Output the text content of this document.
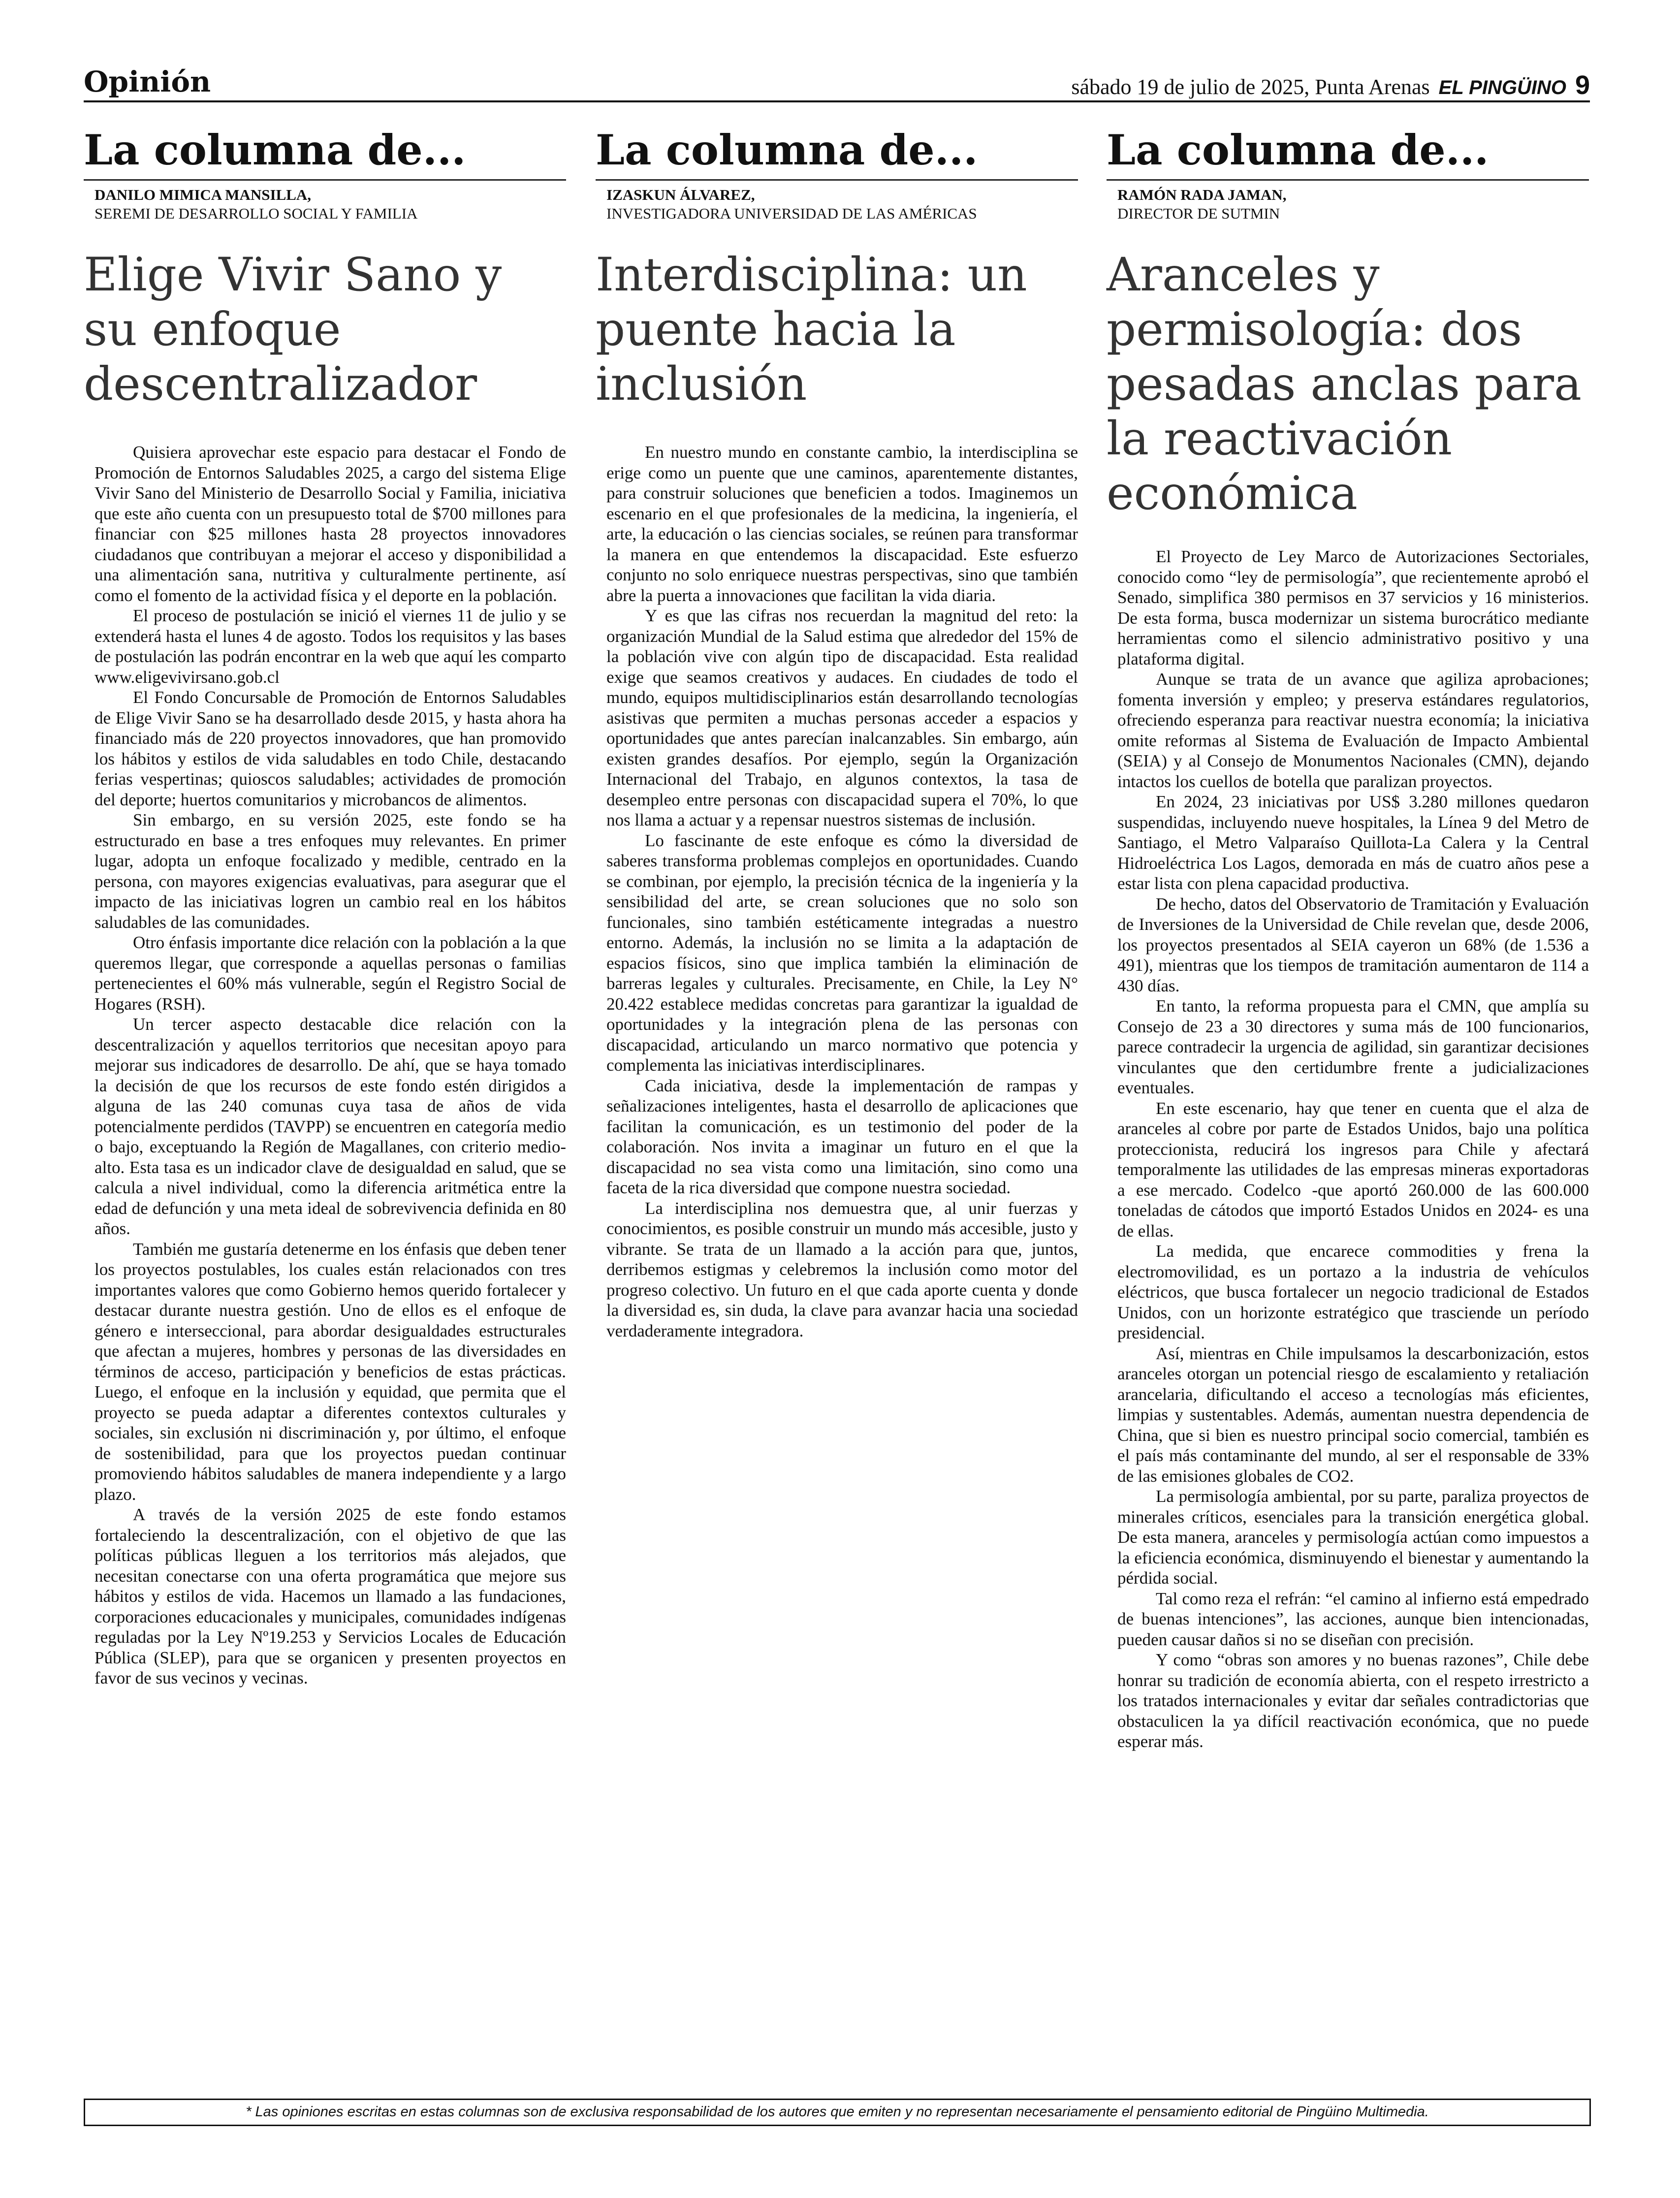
Opinión	sábado 19 de julio de 2025, Punta Arenas EL PINGÜINO 9
La columna de...
DANILO MIMICA MANSILLA,
SEREMI DE DESARROLLO SOCIAL Y FAMILIA
Elige Vivir Sano y su enfoque descentralizador

Quisiera aprovechar este espacio para destacar el Fondo de Promoción de Entornos Saludables 2025, a cargo del sistema Elige Vivir Sano del Ministerio de Desarrollo Social y Familia, iniciativa que este año cuenta con un presupuesto total de $700 millones para financiar con $25 millones hasta 28 proyectos innovadores ciudadanos que contribuyan a mejorar el acceso y disponibilidad a una alimentación sana, nutritiva y culturalmente pertinente, así como el fomento de la actividad física y el deporte en la población.

El proceso de postulación se inició el viernes 11 de julio y se extenderá hasta el lunes 4 de agosto. Todos los requisitos y las bases de postulación las podrán encontrar en la web que aquí les comparto www.eligevivirsano.gob.cl

El Fondo Concursable de Promoción de Entornos Saludables de Elige Vivir Sano se ha desarrollado desde 2015, y hasta ahora ha financiado más de 220 proyectos innovadores, que han promovido los hábitos y estilos de vida saludables en todo Chile, destacando ferias vespertinas; quioscos saludables; actividades de promoción del deporte; huertos comunitarios y microbancos de alimentos.

Sin embargo, en su versión 2025, este fondo se ha estructurado en base a tres enfoques muy relevantes. En primer lugar, adopta un enfoque focalizado y medible, centrado en la persona, con mayores exigencias evaluativas, para asegurar que el impacto de las iniciativas logren un cambio real en los hábitos saludables de las comunidades.

Otro énfasis importante dice relación con la población a la que queremos llegar, que corresponde a aquellas personas o familias pertenecientes el 60% más vulnerable, según el Registro Social de Hogares (RSH).

Un tercer aspecto destacable dice relación con la descentralización y aquellos territorios que necesitan apoyo para mejorar sus indicadores de desarrollo. De ahí, que se haya tomado la decisión de que los recursos de este fondo estén dirigidos a alguna de las 240 comunas cuya tasa de años de vida potencialmente perdidos (TAVPP) se encuentren en categoría medio o bajo, exceptuando la Región de Magallanes, con criterio medio-alto. Esta tasa es un indicador clave de desigualdad en salud, que se calcula a nivel individual, como la diferencia aritmética entre la edad de defunción y una meta ideal de sobrevivencia definida en 80 años.

También me gustaría detenerme en los énfasis que deben tener los proyectos postulables, los cuales están relacionados con tres importantes valores que como Gobierno hemos querido fortalecer y destacar durante nuestra gestión. Uno de ellos es el enfoque de género e interseccional, para abordar desigualdades estructurales que afectan a mujeres, hombres y personas de las diversidades en términos de acceso, participación y beneficios de estas prácticas. Luego, el enfoque en la inclusión y equidad, que permita que el proyecto se pueda adaptar a diferentes contextos culturales y sociales, sin exclusión ni discriminación y, por último, el enfoque de sostenibilidad, para que los proyectos puedan continuar promoviendo hábitos saludables de manera independiente y a largo plazo.

A través de la versión 2025 de este fondo estamos fortaleciendo la descentralización, con el objetivo de que las políticas públicas lleguen a los territorios más alejados, que necesitan conectarse con una oferta programática que mejore sus hábitos y estilos de vida. Hacemos un llamado a las fundaciones, corporaciones educacionales y municipales, comunidades indígenas reguladas por la Ley Nº19.253 y Servicios Locales de Educación Pública (SLEP), para que se organicen y presenten proyectos en favor de sus vecinos y vecinas.

La columna de...
IZASKUN ÁLVAREZ,
INVESTIGADORA UNIVERSIDAD DE LAS AMÉRICAS
Interdisciplina: un puente hacia la inclusión

En nuestro mundo en constante cambio, la interdisciplina se erige como un puente que une caminos, aparentemente distantes, para construir soluciones que beneficien a todos. Imaginemos un escenario en el que profesionales de la medicina, la ingeniería, el arte, la educación o las ciencias sociales, se reúnen para transformar la manera en que entendemos la discapacidad. Este esfuerzo conjunto no solo enriquece nuestras perspectivas, sino que también abre la puerta a innovaciones que facilitan la vida diaria.

Y es que las cifras nos recuerdan la magnitud del reto: la organización Mundial de la Salud estima que alrededor del 15% de la población vive con algún tipo de discapacidad. Esta realidad exige que seamos creativos y audaces. En ciudades de todo el mundo, equipos multidisciplinarios están desarrollando tecnologías asistivas que permiten a muchas personas acceder a espacios y oportunidades que antes parecían inalcanzables. Sin embargo, aún existen grandes desafíos. Por ejemplo, según la Organización Internacional del Trabajo, en algunos contextos, la tasa de desempleo entre personas con discapacidad supera el 70%, lo que nos llama a actuar y a repensar nuestros sistemas de inclusión.

Lo fascinante de este enfoque es cómo la diversidad de saberes transforma problemas complejos en oportunidades. Cuando se combinan, por ejemplo, la precisión técnica de la ingeniería y la sensibilidad del arte, se crean soluciones que no solo son funcionales, sino también estéticamente integradas a nuestro entorno. Además, la inclusión no se limita a la adaptación de espacios físicos, sino que implica también la eliminación de barreras legales y culturales. Precisamente, en Chile, la Ley N° 20.422 establece medidas concretas para garantizar la igualdad de oportunidades y la integración plena de las personas con discapacidad, articulando un marco normativo que potencia y complementa las iniciativas interdisciplinares.

Cada iniciativa, desde la implementación de rampas y señalizaciones inteligentes, hasta el desarrollo de aplicaciones que facilitan la comunicación, es un testimonio del poder de la colaboración. Nos invita a imaginar un futuro en el que la discapacidad no sea vista como una limitación, sino como una faceta de la rica diversidad que compone nuestra sociedad.

La interdisciplina nos demuestra que, al unir fuerzas y conocimientos, es posible construir un mundo más accesible, justo y vibrante. Se trata de un llamado a la acción para que, juntos, derribemos estigmas y celebremos la inclusión como motor del progreso colectivo. Un futuro en el que cada aporte cuenta y donde la diversidad es, sin duda, la clave para avanzar hacia una sociedad verdaderamente integradora.

La columna de...
RAMÓN RADA JAMAN,
DIRECTOR DE SUTMIN
Aranceles y permisología: dos pesadas anclas para la reactivación económica

El Proyecto de Ley Marco de Autorizaciones Sectoriales, conocido como “ley de permisología”, que recientemente aprobó el Senado, simplifica 380 permisos en 37 servicios y 16 ministerios. De esta forma, busca modernizar un sistema burocrático mediante herramientas como el silencio administrativo positivo y una plataforma digital.

Aunque se trata de un avance que agiliza aprobaciones; fomenta inversión y empleo; y preserva estándares regulatorios, ofreciendo esperanza para reactivar nuestra economía; la iniciativa omite reformas al Sistema de Evaluación de Impacto Ambiental (SEIA) y al Consejo de Monumentos Nacionales (CMN), dejando intactos los cuellos de botella que paralizan proyectos.

En 2024, 23 iniciativas por US$ 3.280 millones quedaron suspendidas, incluyendo nueve hospitales, la Línea 9 del Metro de Santiago, el Metro Valparaíso Quillota-La Calera y la Central Hidroeléctrica Los Lagos, demorada en más de cuatro años pese a estar lista con plena capacidad productiva.

De hecho, datos del Observatorio de Tramitación y Evaluación de Inversiones de la Universidad de Chile revelan que, desde 2006, los proyectos presentados al SEIA cayeron un 68% (de 1.536 a 491), mientras que los tiempos de tramitación aumentaron de 114 a 430 días.

En tanto, la reforma propuesta para el CMN, que amplía su Consejo de 23 a 30 directores y suma más de 100 funcionarios, parece contradecir la urgencia de agilidad, sin garantizar decisiones vinculantes que den certidumbre frente a judicializaciones eventuales.

En este escenario, hay que tener en cuenta que el alza de aranceles al cobre por parte de Estados Unidos, bajo una política proteccionista, reducirá los ingresos para Chile y afectará temporalmente las utilidades de las empresas mineras exportadoras a ese mercado. Codelco -que aportó 260.000 de las 600.000 toneladas de cátodos que importó Estados Unidos en 2024- es una de ellas.

La medida, que encarece commodities y frena la electromovilidad, es un portazo a la industria de vehículos eléctricos, que busca fortalecer un negocio tradicional de Estados Unidos, con un horizonte estratégico que trasciende un período presidencial.

Así, mientras en Chile impulsamos la descarbonización, estos aranceles otorgan un potencial riesgo de escalamiento y retaliación arancelaria, dificultando el acceso a tecnologías más eficientes, limpias y sustentables. Además, aumentan nuestra dependencia de China, que si bien es nuestro principal socio comercial, también es el país más contaminante del mundo, al ser el responsable de 33% de las emisiones globales de CO2.

La permisología ambiental, por su parte, paraliza proyectos de minerales críticos, esenciales para la transición energética global. De esta manera, aranceles y permisología actúan como impuestos a la eficiencia económica, disminuyendo el bienestar y aumentando la pérdida social.

Tal como reza el refrán: “el camino al infierno está empedrado de buenas intenciones”, las acciones, aunque bien intencionadas, pueden causar daños si no se diseñan con precisión.

Y como “obras son amores y no buenas razones”, Chile debe honrar su tradición de economía abierta, con el respeto irrestricto a los tratados internacionales y evitar dar señales contradictorias que obstaculicen la ya difícil reactivación económica, que no puede esperar más.

* Las opiniones escritas en estas columnas son de exclusiva responsabilidad de los autores que emiten y no representan necesariamente el pensamiento editorial de Pingüino Multimedia.
